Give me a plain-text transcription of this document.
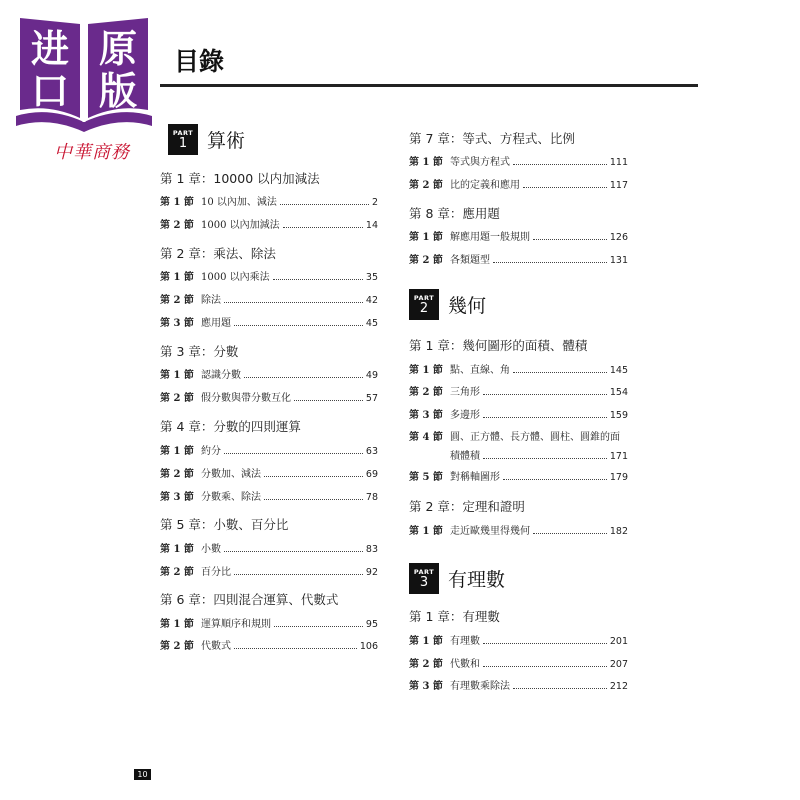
进 原
口 版
中華商務
目錄
PART
1 算術
第 1 章：10000 以内加減法
第 1 節 10 以內加、減法	2
第 2 節 1000 以內加減法	14
第 2 章：乘法、除法
第 1 節 1000 以內乘法	35
第 2 節 除法	42
第 3 節 應用題	45
第 3 章：分數
第 1 節 認識分數	49
第 2 節 假分數與帶分數互化	57
第 4 章：分數的四則運算
第 1 節 約分	63
第 2 節 分數加、減法	69
第 3 節 分數乘、除法	78
第 5 章：小數、百分比
第 1 節 小數	83
第 2 節 百分比	92
第 6 章：四則混合運算、代數式
第 1 節 運算順序和規則	95
第 2 節 代數式	106
第 7 章：等式、方程式、比例
第 1 節 等式與方程式	111
第 2 節 比的定義和應用	117
第 8 章：應用題
第 1 節 解應用題一般規則	126
第 2 節 各類題型	131
PART
2 幾何
第 1 章：幾何圖形的面積、體積
第 1 節 點、直線、角	145
第 2 節 三角形	154
第 3 節 多邊形	159
第 4 節 圓、正方體、長方體、圓柱、圓錐的面
積體積	171
第 5 節 對稱軸圖形	179
第 2 章：定理和證明
第 1 節 走近歐幾里得幾何	182
PART
3 有理數
第 1 章：有理數
第 1 節 有理數	201
第 2 節 代數和	207
第 3 節 有理數乘除法	212
10
